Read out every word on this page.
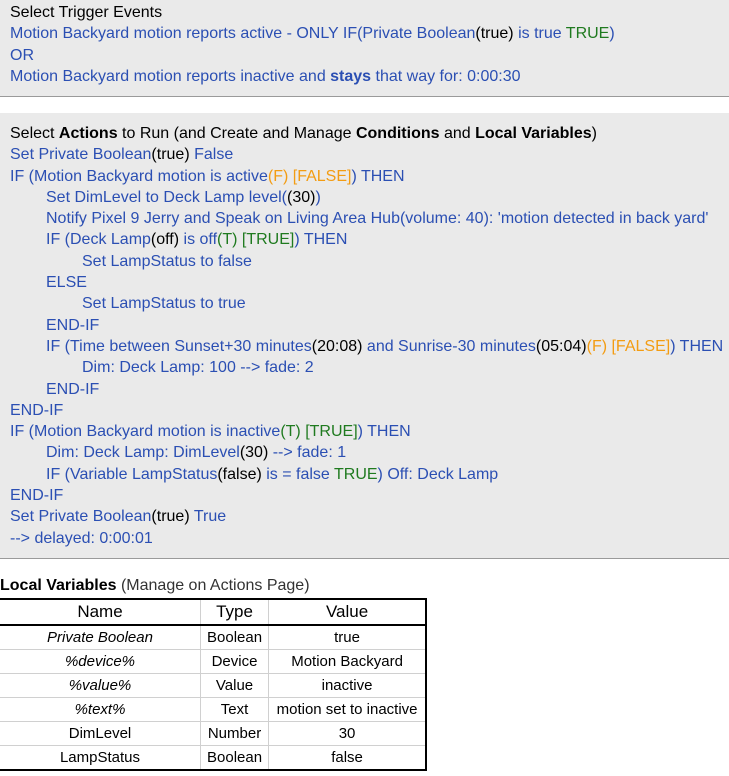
Select Trigger Events
Motion Backyard motion reports active - ONLY IF(Private Boolean(true) is true TRUE)
OR
Motion Backyard motion reports inactive and stays that way for: 0:00:30
Select Actions to Run (and Create and Manage Conditions and Local Variables)
Set Private Boolean(true) False
IF (Motion Backyard motion is active(F) [FALSE]) THEN
Set DimLevel to Deck Lamp level((30))
Notify Pixel 9 Jerry and Speak on Living Area Hub(volume: 40): 'motion detected in back yard'
IF (Deck Lamp(off) is off(T) [TRUE]) THEN
Set LampStatus to false
ELSE
Set LampStatus to true
END-IF
IF (Time between Sunset+30 minutes(20:08) and Sunrise-30 minutes(05:04)(F) [FALSE]) THEN
Dim: Deck Lamp: 100 --> fade: 2
END-IF
END-IF
IF (Motion Backyard motion is inactive(T) [TRUE]) THEN
Dim: Deck Lamp: DimLevel(30) --> fade: 1
IF (Variable LampStatus(false) is = false TRUE) Off: Deck Lamp
END-IF
Set Private Boolean(true) True
--> delayed: 0:00:01
Local Variables (Manage on Actions Page)
Name	Type	Value
Private Boolean	Boolean	true
%device%	Device	Motion Backyard
%value%	Value	inactive
%text%	Text	motion set to inactive
DimLevel	Number	30
LampStatus	Boolean	false
